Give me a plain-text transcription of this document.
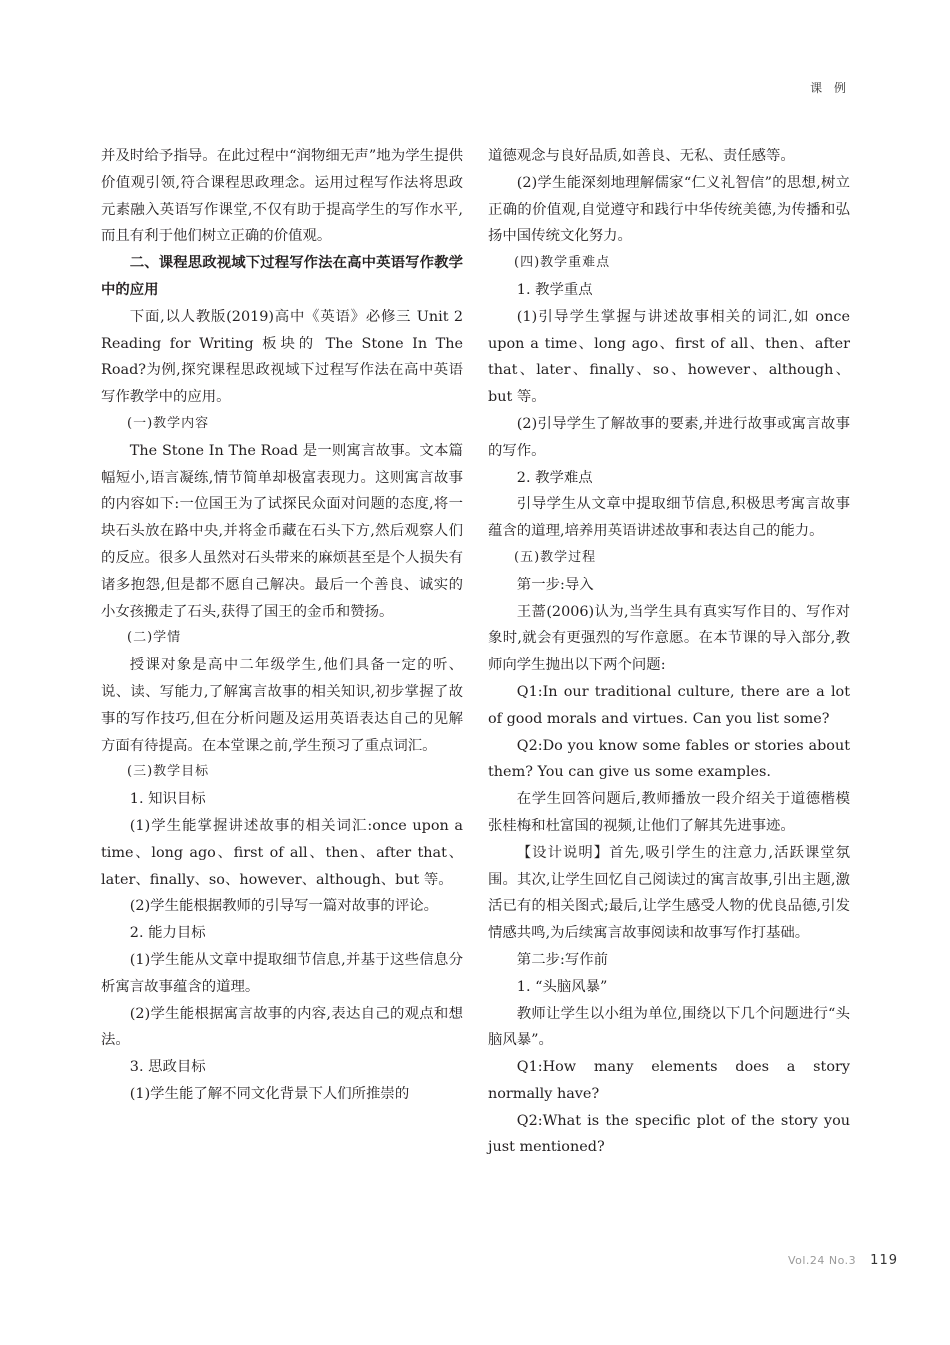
课 例

并及时给予指导。在此过程中“润物细无声”地为学生提供价值观引领,符合课程思政理念。运用过程写作法将思政元素融入英语写作课堂,不仅有助于提高学生的写作水平,而且有利于他们树立正确的价值观。

二、课程思政视域下过程写作法在高中英语写作教学中的应用

下面,以人教版(2019)高中《英语》必修三 Unit 2 Reading for Writing 板块的 The Stone In The Road?为例,探究课程思政视域下过程写作法在高中英语写作教学中的应用。

(一)教学内容

The Stone In The Road 是一则寓言故事。文本篇幅短小,语言凝练,情节简单却极富表现力。这则寓言故事的内容如下:一位国王为了试探民众面对问题的态度,将一块石头放在路中央,并将金币藏在石头下方,然后观察人们的反应。很多人虽然对石头带来的麻烦甚至是个人损失有诸多抱怨,但是都不愿自己解决。最后一个善良、诚实的小女孩搬走了石头,获得了国王的金币和赞扬。

(二)学情

授课对象是高中二年级学生,他们具备一定的听、说、读、写能力,了解寓言故事的相关知识,初步掌握了故事的写作技巧,但在分析问题及运用英语表达自己的见解方面有待提高。在本堂课之前,学生预习了重点词汇。

(三)教学目标

1. 知识目标

(1)学生能掌握讲述故事的相关词汇:once upon a time、long ago、first of all、then、after that、later、finally、so、however、although、but 等。

(2)学生能根据教师的引导写一篇对故事的评论。

2. 能力目标

(1)学生能从文章中提取细节信息,并基于这些信息分析寓言故事蕴含的道理。

(2)学生能根据寓言故事的内容,表达自己的观点和想法。

3. 思政目标

(1)学生能了解不同文化背景下人们所推崇的

道德观念与良好品质,如善良、无私、责任感等。

(2)学生能深刻地理解儒家“仁义礼智信”的思想,树立正确的价值观,自觉遵守和践行中华传统美德,为传播和弘扬中国传统文化努力。

(四)教学重难点

1. 教学重点

(1)引导学生掌握与讲述故事相关的词汇,如 once upon a time、long ago、first of all、then、after that、later、finally、so、however、although、but 等。

(2)引导学生了解故事的要素,并进行故事或寓言故事的写作。

2. 教学难点

引导学生从文章中提取细节信息,积极思考寓言故事蕴含的道理,培养用英语讲述故事和表达自己的能力。

(五)教学过程

第一步:导入

王蔷(2006)认为,当学生具有真实写作目的、写作对象时,就会有更强烈的写作意愿。在本节课的导入部分,教师向学生抛出以下两个问题:

Q1:In our traditional culture, there are a lot of good morals and virtues. Can you list some?

Q2:Do you know some fables or stories about them? You can give us some examples.

在学生回答问题后,教师播放一段介绍关于道德楷模张桂梅和杜富国的视频,让他们了解其先进事迹。

【设计说明】首先,吸引学生的注意力,活跃课堂氛围。其次,让学生回忆自己阅读过的寓言故事,引出主题,激活已有的相关图式;最后,让学生感受人物的优良品德,引发情感共鸣,为后续寓言故事阅读和故事写作打基础。

第二步:写作前

1. “头脑风暴”

教师让学生以小组为单位,围绕以下几个问题进行“头脑风暴”。

Q1:How many elements does a story normally have?

Q2:What is the specific plot of the story you just mentioned?

Vol.24 No.3 119
